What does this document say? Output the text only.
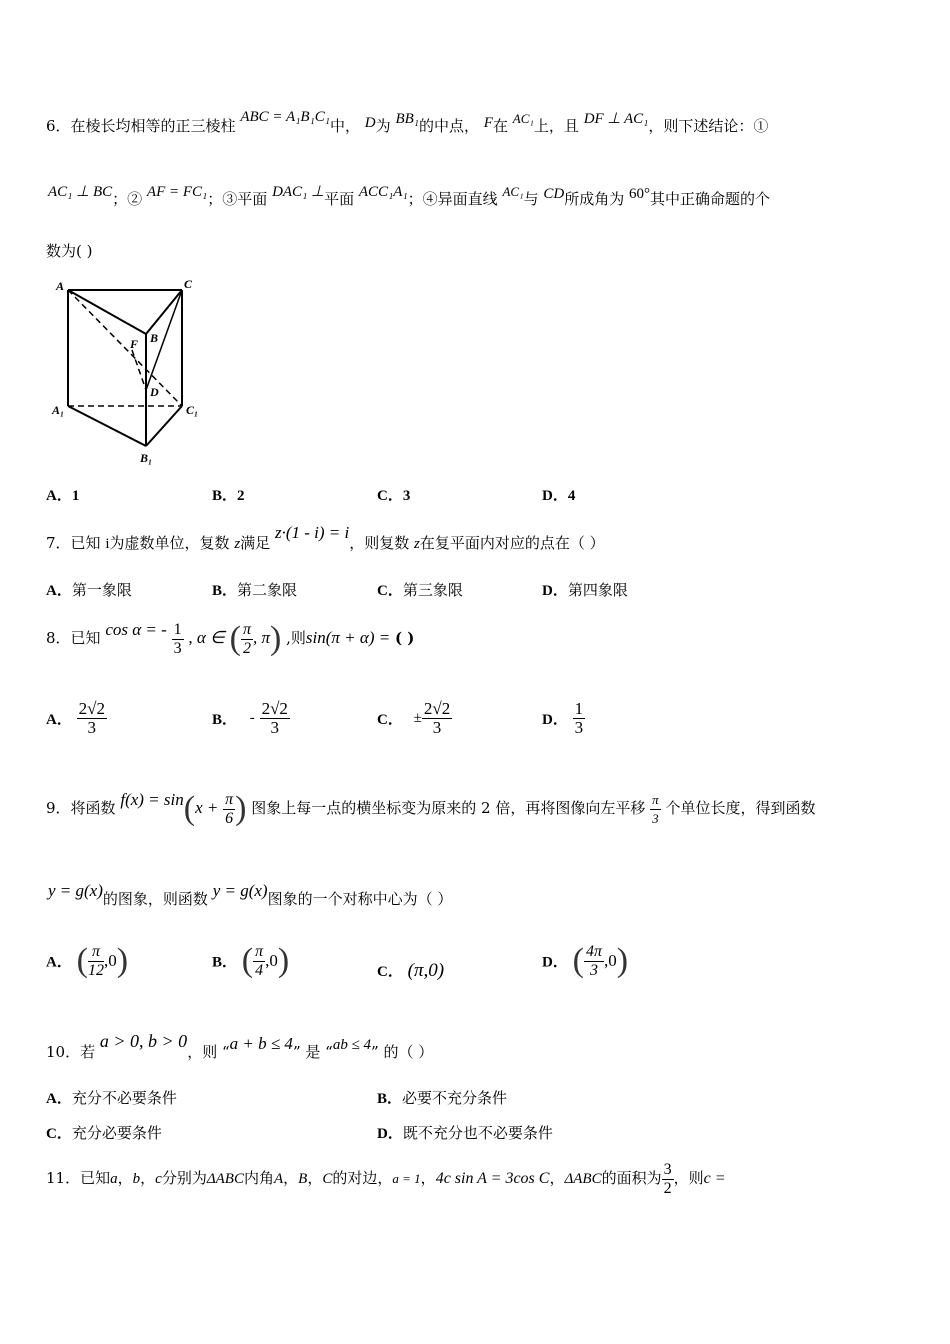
6．在棱长均相等的正三棱柱 ABC = A₁B₁C₁中， D为 BB₁的中点， F在 AC₁上，且 DF ⊥ AC₁，则下述结论：①
AC₁ ⊥ BC；② AF = FC₁；③平面 DAC₁ ⊥平面 ACC₁A₁；④异面直线 AC₁与 CD所成角为 60°其中正确命题的个
数为( )
A	C
B
F
D
A₁	C₁
B₁
A．1	B．2	C．3	D．4
7．已知 i为虚数单位，复数 z满足 z·(1 - i) = i，则复数 z在复平面内对应的点在（ ）
A．第一象限	B．第二象限	C．第三象限	D．第四象限
8．已知 cos α = - $\frac{1}{3}$ , α ∈ ( $\frac{\pi}{2}$ , π) ,则sin(π + α) = ( )
A． $\frac{2√2}{3}$	B． - $\frac{2√2}{3}$	C． ± $\frac{2√2}{3}$	D． $\frac{1}{3}$
9．将函数 $f(x) = \sin(x + \frac{\pi}{6}$ ) 图象上每一点的横坐标变为原来的 2 倍，再将图像向左平移 $\frac{\pi}{3}$ 个单位长度，得到函数
y = g(x)的图象，则函数 y = g(x)图象的一个对称中心为（ ）
A． ( $\frac{\pi}{12} ,0$)	B． ( $\frac{\pi}{4} ,0$)	C． (π,0)	D． ( $\frac{4\pi}{3} ,0$)
10．若 a > 0, b > 0，则 “a + b ≤ 4” 是 “ab ≤ 4” 的（ ）
A．充分不必要条件	B．必要不充分条件
C．充分必要条件	D．既不充分也不必要条件
11．已知a，b，c分别为ΔABC内角A，B，C的对边，a = 1，4c sin A = 3cos C，ΔABC的面积为 $\frac{3}{2}$ ，则c =
